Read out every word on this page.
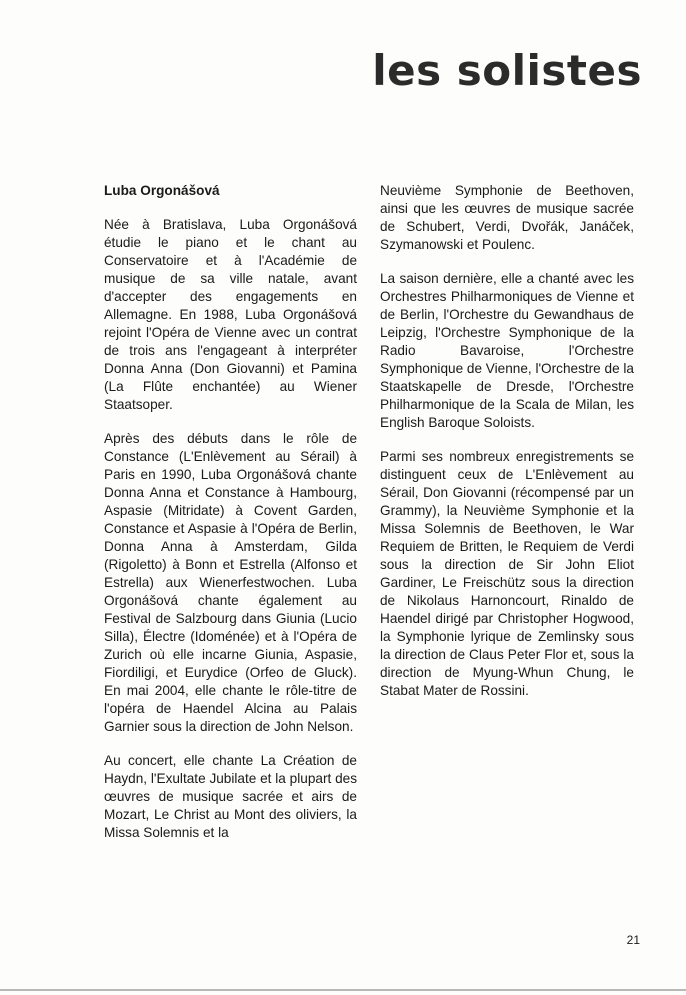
les solistes
Luba Orgonášová

Née à Bratislava, Luba Orgonášová étudie le piano et le chant au Conservatoire et à l'Académie de musique de sa ville natale, avant d'accepter des engagements en Allemagne. En 1988, Luba Orgonášová rejoint l'Opéra de Vienne avec un contrat de trois ans l'engageant à interpréter Donna Anna (Don Giovanni) et Pamina (La Flûte enchantée) au Wiener Staatsoper.

Après des débuts dans le rôle de Constance (L'Enlèvement au Sérail) à Paris en 1990, Luba Orgonášová chante Donna Anna et Constance à Hambourg, Aspasie (Mitridate) à Covent Garden, Constance et Aspasie à l'Opéra de Berlin, Donna Anna à Amsterdam, Gilda (Rigoletto) à Bonn et Estrella (Alfonso et Estrella) aux Wienerfestwochen. Luba Orgonášová chante également au Festival de Salzbourg dans Giunia (Lucio Silla), Électre (Idoménée) et à l'Opéra de Zurich où elle incarne Giunia, Aspasie, Fiordiligi, et Eurydice (Orfeo de Gluck). En mai 2004, elle chante le rôle-titre de l'opéra de Haendel Alcina au Palais Garnier sous la direction de John Nelson.

Au concert, elle chante La Création de Haydn, l'Exultate Jubilate et la plupart des œuvres de musique sacrée et airs de Mozart, Le Christ au Mont des oliviers, la Missa Solemnis et la

Neuvième Symphonie de Beethoven, ainsi que les œuvres de musique sacrée de Schubert, Verdi, Dvořák, Janáček, Szymanowski et Poulenc.

La saison dernière, elle a chanté avec les Orchestres Philharmoniques de Vienne et de Berlin, l'Orchestre du Gewandhaus de Leipzig, l'Orchestre Symphonique de la Radio Bavaroise, l'Orchestre Symphonique de Vienne, l'Orchestre de la Staatskapelle de Dresde, l'Orchestre Philharmonique de la Scala de Milan, les English Baroque Soloists.

Parmi ses nombreux enregistrements se distinguent ceux de L'Enlèvement au Sérail, Don Giovanni (récompensé par un Grammy), la Neuvième Symphonie et la Missa Solemnis de Beethoven, le War Requiem de Britten, le Requiem de Verdi sous la direction de Sir John Eliot Gardiner, Le Freischütz sous la direction de Nikolaus Harnoncourt, Rinaldo de Haendel dirigé par Christopher Hogwood, la Symphonie lyrique de Zemlinsky sous la direction de Claus Peter Flor et, sous la direction de Myung-Whun Chung, le Stabat Mater de Rossini.

21
